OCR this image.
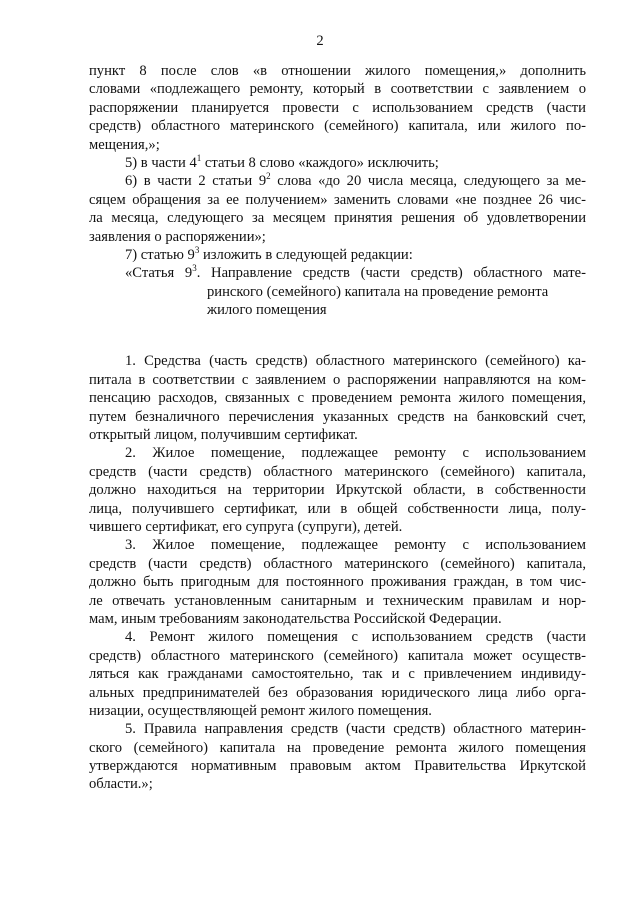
2
пункт 8 после слов «в отношении жилого помещения,» дополнить
словами «подлежащего ремонту, который в соответствии с заявлением о
распоряжении планируется провести с использованием средств (части
средств) областного материнского (семейного) капитала, или жилого по-
мещения,»;
5) в части $4^1$ статьи 8 слово «каждого» исключить;
6) в части 2 статьи $9^2$ слова «до 20 числа месяца, следующего за ме-
сяцем обращения за ее получением» заменить словами «не позднее 26 чис-
ла месяца, следующего за месяцем принятия решения об удовлетворении
заявления о распоряжении»;
7) статью $9^3$ изложить в следующей редакции:
«Статья $9^3$. Направление средств (части средств) областного мате-
ринского (семейного) капитала на проведение ремонта
жилого помещения
1. Средства (часть средств) областного материнского (семейного) ка-
питала в соответствии с заявлением о распоряжении направляются на ком-
пенсацию расходов, связанных с проведением ремонта жилого помещения,
путем безналичного перечисления указанных средств на банковский счет,
открытый лицом, получившим сертификат.
2. Жилое помещение, подлежащее ремонту с использованием
средств (части средств) областного материнского (семейного) капитала,
должно находиться на территории Иркутской области, в собственности
лица, получившего сертификат, или в общей собственности лица, полу-
чившего сертификат, его супруга (супруги), детей.
3. Жилое помещение, подлежащее ремонту с использованием
средств (части средств) областного материнского (семейного) капитала,
должно быть пригодным для постоянного проживания граждан, в том чис-
ле отвечать установленным санитарным и техническим правилам и нор-
мам, иным требованиям законодательства Российской Федерации.
4. Ремонт жилого помещения с использованием средств (части
средств) областного материнского (семейного) капитала может осуществ-
ляться как гражданами самостоятельно, так и с привлечением индивиду-
альных предпринимателей без образования юридического лица либо орга-
низации, осуществляющей ремонт жилого помещения.
5. Правила направления средств (части средств) областного материн-
ского (семейного) капитала на проведение ремонта жилого помещения
утверждаются нормативным правовым актом Правительства Иркутской
области.»;
